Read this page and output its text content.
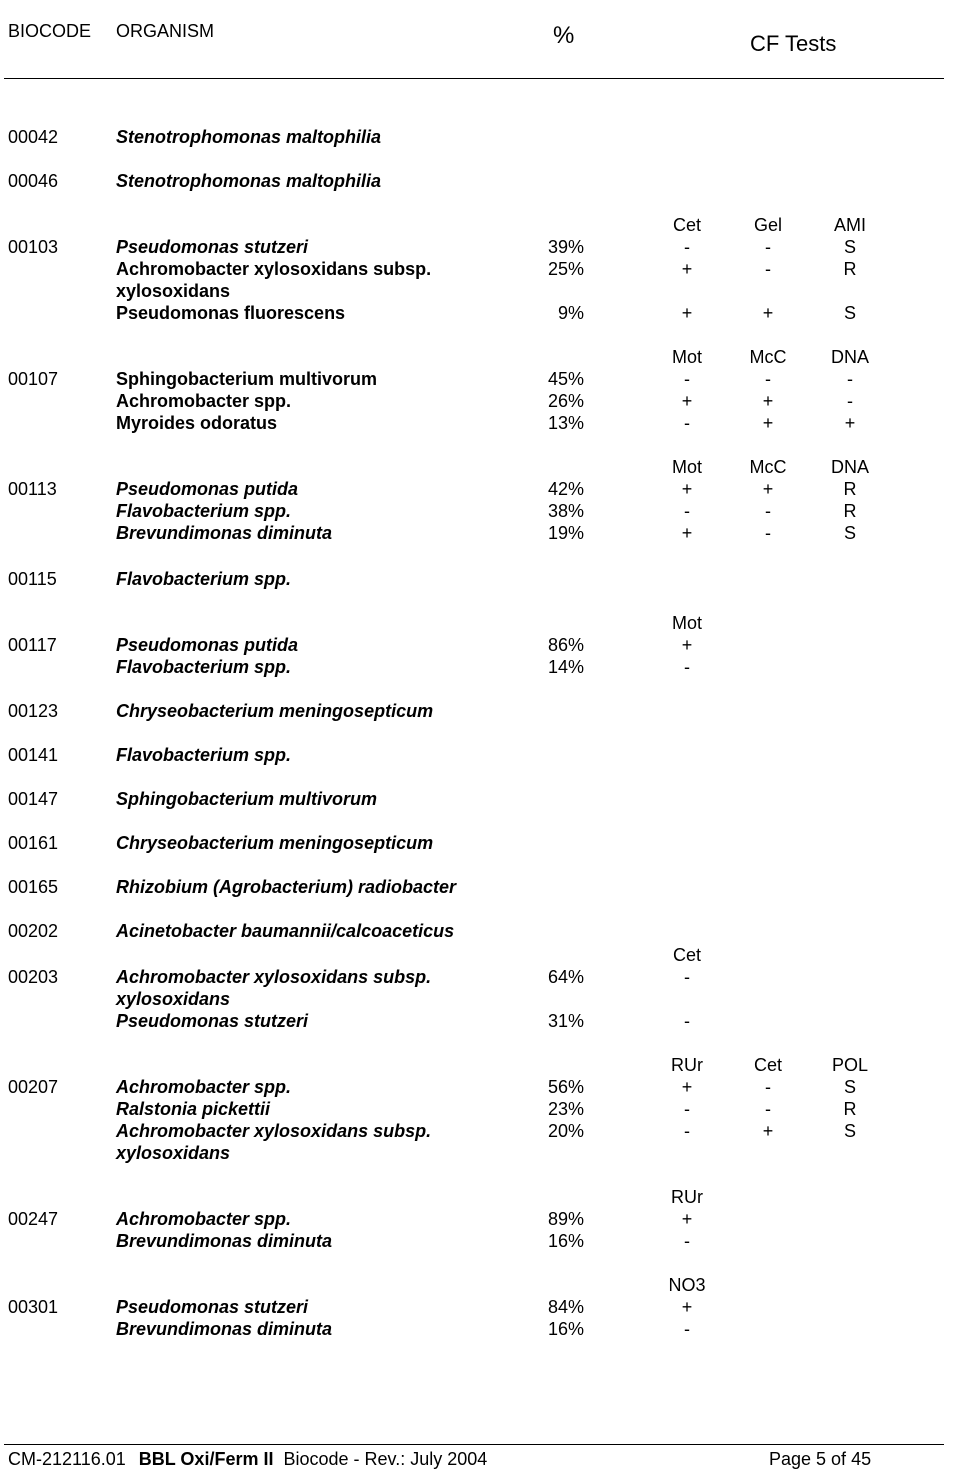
BIOCODE ORGANISM	%	CF Tests
00042	Stenotrophomonas maltophilia
00046	Stenotrophomonas maltophilia
Cet	Gel	AMI
00103	Pseudomonas stutzeri	39%	-	-	S
Achromobacter xylosoxidans subsp.	25%	+	-	R
xylosoxidans
Pseudomonas fluorescens	9%	+	+	S
Mot	McC	DNA
00107	Sphingobacterium multivorum	45%	-	-	-
Achromobacter spp.	26%	+	+	-
Myroides odoratus	13%	-	+	+
Mot	McC	DNA
00113	Pseudomonas putida	42%	+	+	R
Flavobacterium spp.	38%	-	-	R
Brevundimonas diminuta	19%	+	-	S
00115	Flavobacterium spp.
Mot
00117	Pseudomonas putida	86%	+
Flavobacterium spp.	14%	-
00123	Chryseobacterium meningosepticum
00141	Flavobacterium spp.
00147	Sphingobacterium multivorum
00161	Chryseobacterium meningosepticum
00165	Rhizobium (Agrobacterium) radiobacter
00202	Acinetobacter baumannii/calcoaceticus
Cet
00203	Achromobacter xylosoxidans subsp.	64%	-
xylosoxidans
Pseudomonas stutzeri	31%	-
RUr	Cet	POL
00207	Achromobacter spp.	56%	+	-	S
Ralstonia pickettii	23%	-	-	R
Achromobacter xylosoxidans subsp.	20%	-	+	S
xylosoxidans
RUr
00247	Achromobacter spp.	89%	+
Brevundimonas diminuta	16%	-
NO3
00301	Pseudomonas stutzeri	84%	+
Brevundimonas diminuta	16%	-
CM-212116.01 BBL Oxi/Ferm II Biocode - Rev.: July 2004	Page 5 of 45
